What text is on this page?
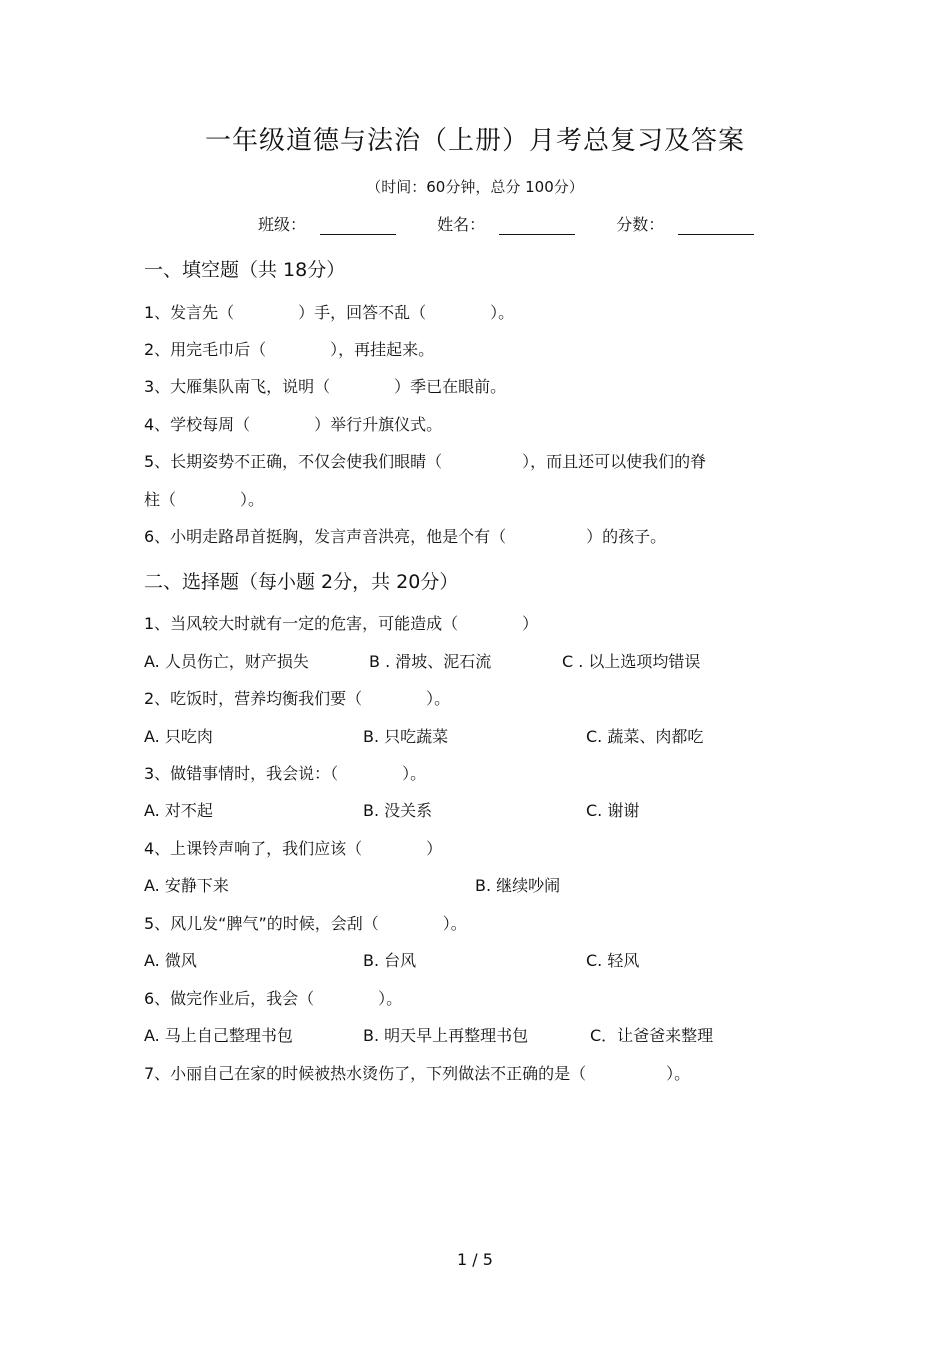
一年级道德与法治（上册）月考总复习及答案
（时间：60分钟，总分 100分）
班级：	姓名：	分数：
一、填空题（共 18分）
1、发言先（　　　　）手，回答不乱（　　　　）。
2、用完毛巾后（　　　　），再挂起来。
3、大雁集队南飞，说明（　　　　）季已在眼前。
4、学校每周（　　　　）举行升旗仪式。
5、长期姿势不正确，不仅会使我们眼睛（　　　　　），而且还可以使我们的脊
柱（　　　　）。
6、小明走路昂首挺胸，发言声音洪亮，他是个有（　　　　　）的孩子。
二、选择题（每小题 2分，共 20分）
1、当风较大时就有一定的危害，可能造成（　　　　）
A. 人员伤亡，财产损失	B . 滑坡、泥石流	C . 以上选项均错误
2、吃饭时，营养均衡我们要（　　　　）。
A. 只吃肉	B. 只吃蔬菜	C. 蔬菜、肉都吃
3、做错事情时，我会说：（　　　　）。
A. 对不起	B. 没关系	C. 谢谢
4、上课铃声响了，我们应该（　　　　）
A. 安静下来	B. 继续吵闹
5、风儿发“脾气”的时候，会刮（　　　　）。
A. 微风	B. 台风	C. 轻风
6、做完作业后，我会（　　　　）。
A. 马上自己整理书包	B. 明天早上再整理书包	C．让爸爸来整理
7、小丽自己在家的时候被热水烫伤了，下列做法不正确的是（　　　　　）。
1 / 5
